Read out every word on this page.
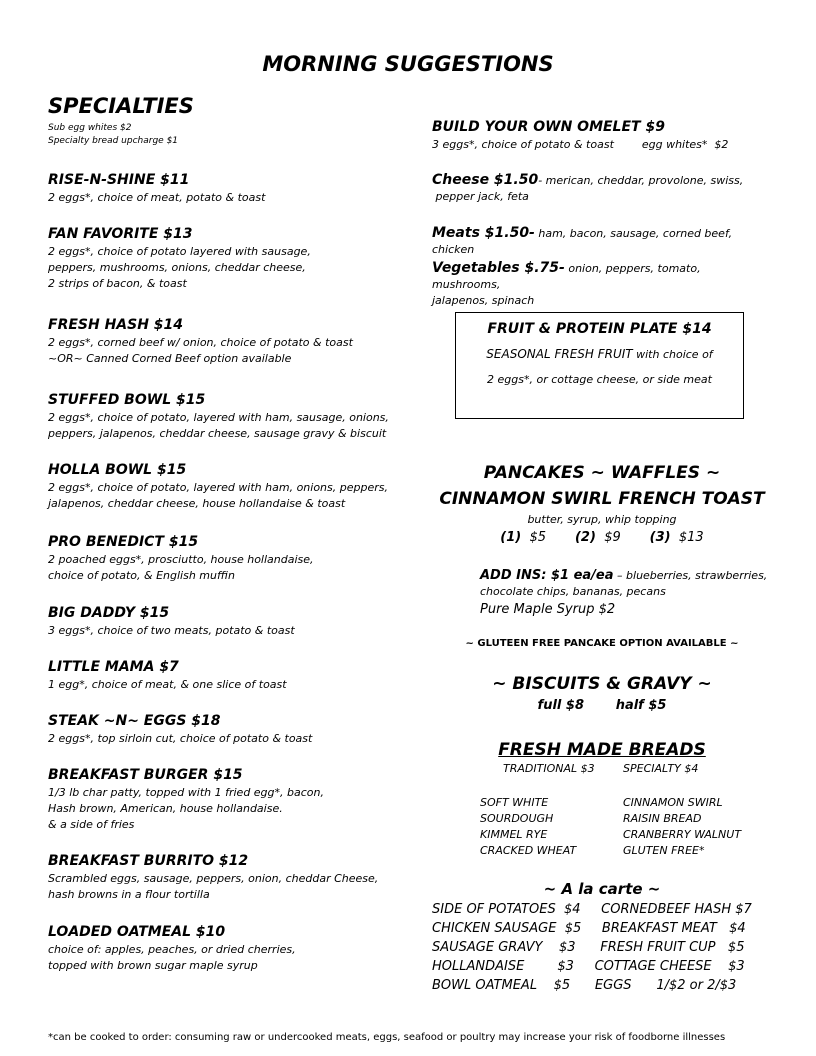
MORNING SUGGESTIONS
SPECIALTIES
Sub egg whites $2
Specialty bread upcharge $1
RISE-N-SHINE $11
2 eggs*, choice of meat, potato & toast
FAN FAVORITE $13
2 eggs*, choice of potato layered with sausage,
peppers, mushrooms, onions, cheddar cheese,
2 strips of bacon, & toast
FRESH HASH $14
2 eggs*, corned beef w/ onion, choice of potato & toast
~OR~ Canned Corned Beef option available
STUFFED BOWL $15
2 eggs*, choice of potato, layered with ham, sausage, onions,
peppers, jalapenos, cheddar cheese, sausage gravy & biscuit
HOLLA BOWL $15
2 eggs*, choice of potato, layered with ham, onions, peppers,
jalapenos, cheddar cheese, house hollandaise & toast
PRO BENEDICT $15
2 poached eggs*, prosciutto, house hollandaise,
choice of potato, & English muffin
BIG DADDY $15
3 eggs*, choice of two meats, potato & toast
LITTLE MAMA $7
1 egg*, choice of meat, & one slice of toast
STEAK ~N~ EGGS $18
2 eggs*, top sirloin cut, choice of potato & toast
BREAKFAST BURGER $15
1/3 lb char patty, topped with 1 fried egg*, bacon,
Hash brown, American, house hollandaise.
& a side of fries
BREAKFAST BURRITO $12
Scrambled eggs, sausage, peppers, onion, cheddar Cheese,
hash browns in a flour tortilla
LOADED OATMEAL $10
choice of: apples, peaches, or dried cherries,
topped with brown sugar maple syrup
BUILD YOUR OWN OMELET $9
3 eggs*, choice of potato & toast        egg whites*  $2
Cheese $1.50- merican, cheddar, provolone, swiss,
pepper jack, feta
Meats $1.50- ham, bacon, sausage, corned beef, chicken
Vegetables $.75- onion, peppers, tomato, mushrooms,
jalapenos, spinach
FRUIT & PROTEIN PLATE $14
SEASONAL FRESH FRUIT with choice of
2 eggs*, or cottage cheese, or side meat
PANCAKES ~ WAFFLES ~
CINNAMON SWIRL FRENCH TOAST
butter, syrup, whip topping
(1) $5 (2) $9 (3) $13
ADD INS: $1 ea/ea – blueberries, strawberries,
chocolate chips, bananas, pecans
Pure Maple Syrup $2
~ GLUTEEN FREE PANCAKE OPTION AVAILABLE ~
~ BISCUITS & GRAVY ~
full $8 half $5
FRESH MADE BREADS
TRADITIONAL $3	SPECIALTY $4
SOFT WHITE	CINNAMON SWIRL
SOURDOUGH	RAISIN BREAD
KIMMEL RYE	CRANBERRY WALNUT
CRACKED WHEAT	GLUTEN FREE*
~ A la carte ~
SIDE OF POTATOES  $4     CORNEDBEEF HASH $7
CHICKEN SAUSAGE  $5     BREAKFAST MEAT   $4
SAUSAGE GRAVY    $3      FRESH FRUIT CUP   $5
HOLLANDAISE        $3     COTTAGE CHEESE    $3
BOWL OATMEAL    $5      EGGS      1/$2 or 2/$3
*can be cooked to order: consuming raw or undercooked meats, eggs, seafood or poultry may increase your risk of foodborne illnesses
